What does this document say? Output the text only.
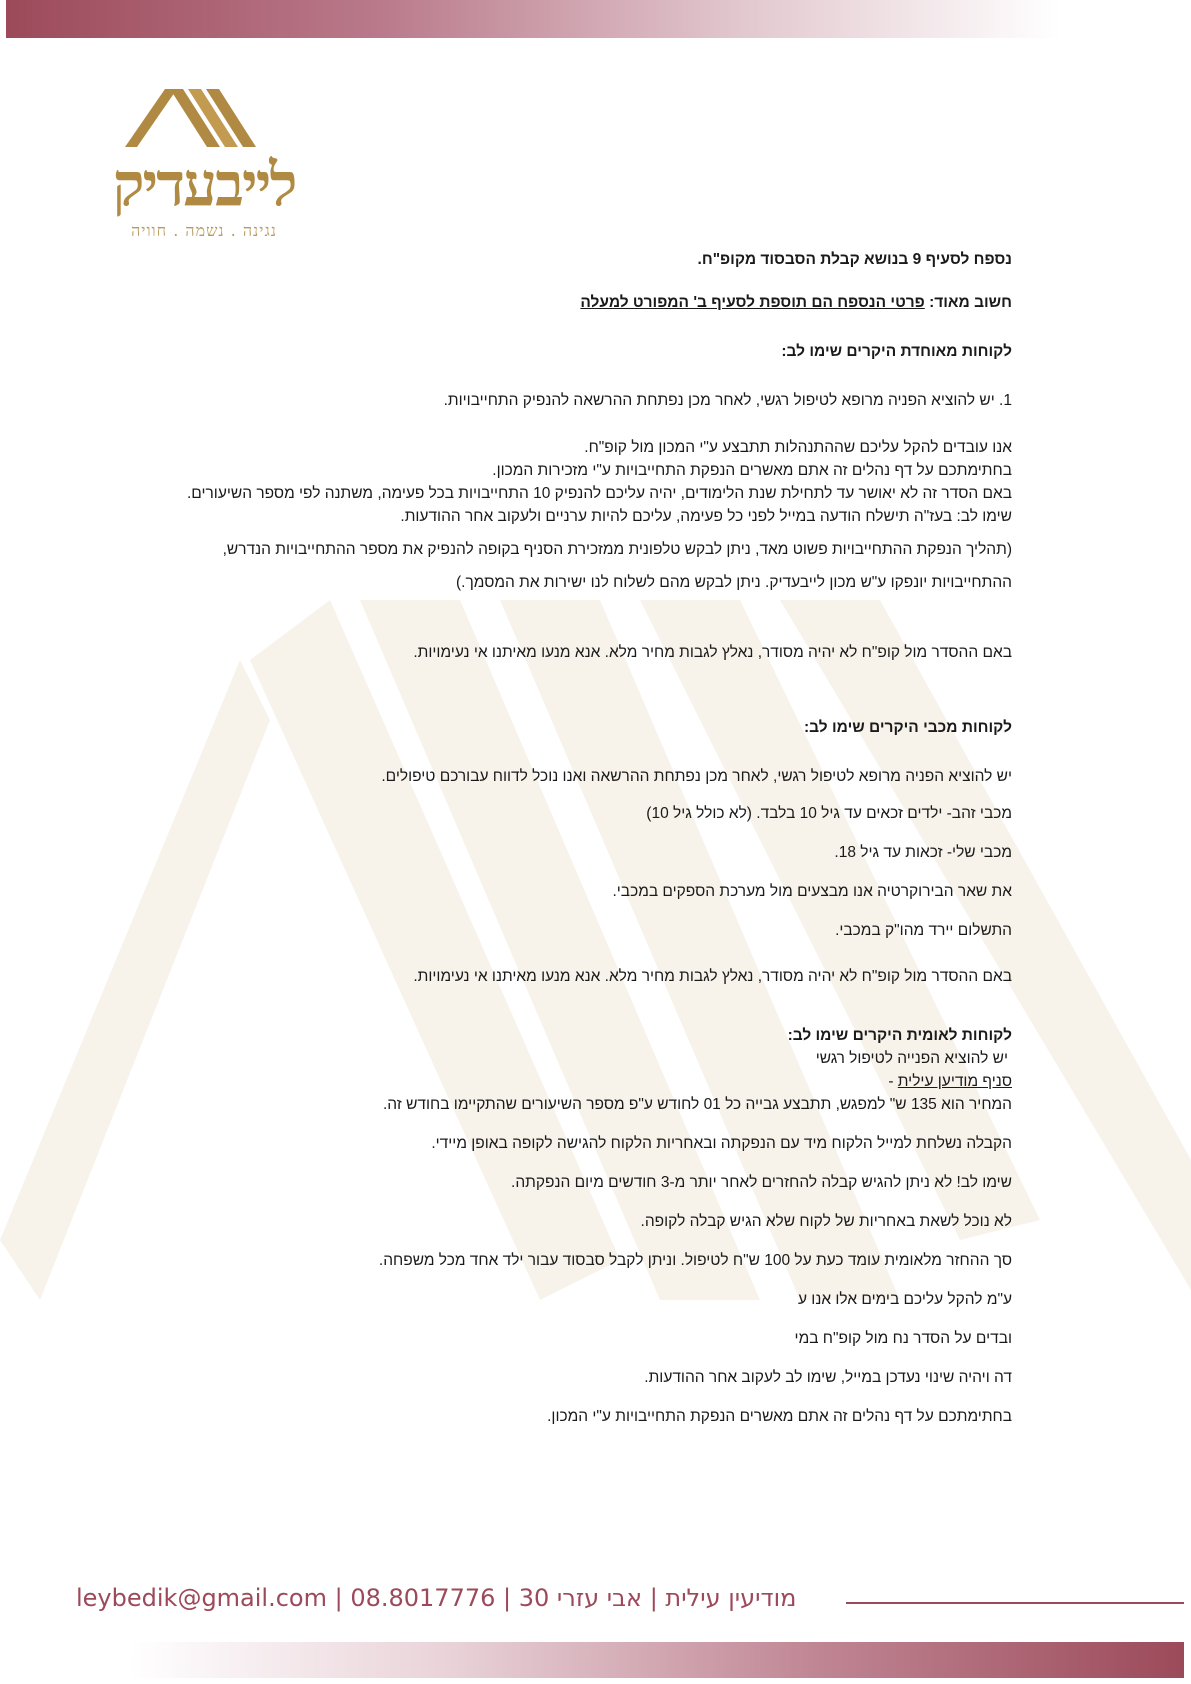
לייבעדיק
נגינה . נשמה . חוויה

נספח לסעיף 9 בנושא קבלת הסבסוד מקופ"ח.

חשוב מאוד: פרטי הנספח הם תוספת לסעיף ב' המפורט למעלה

לקוחות מאוחדת היקרים שימו לב:

1. יש להוציא הפניה מרופא לטיפול רגשי, לאחר מכן נפתחת ההרשאה להנפיק התחייבויות.

אנו עובדים להקל עליכם שההתנהלות תתבצע ע"י המכון מול קופ"ח.

בחתימתכם על דף נהלים זה אתם מאשרים הנפקת התחייבויות ע"י מזכירות המכון.

באם הסדר זה לא יאושר עד לתחילת שנת הלימודים, יהיה עליכם להנפיק 10 התחייבויות בכל פעימה, משתנה לפי מספר השיעורים.

שימו לב: בעז"ה תישלח הודעה במייל לפני כל פעימה, עליכם להיות ערניים ולעקוב אחר ההודעות.

(תהליך הנפקת ההתחייבויות פשוט מאד, ניתן לבקש טלפונית ממזכירת הסניף בקופה להנפיק את מספר ההתחייבויות הנדרש,

ההתחייבויות יונפקו ע"ש מכון לייבעדיק. ניתן לבקש מהם לשלוח לנו ישירות את המסמך.)

באם ההסדר מול קופ"ח לא יהיה מסודר, נאלץ לגבות מחיר מלא. אנא מנעו מאיתנו אי נעימויות.

לקוחות מכבי היקרים שימו לב:

יש להוציא הפניה מרופא לטיפול רגשי, לאחר מכן נפתחת ההרשאה ואנו נוכל לדווח עבורכם טיפולים.

מכבי זהב- ילדים זכאים עד גיל 10 בלבד. (לא כולל גיל 10)

מכבי שלי- זכאות עד גיל 18.

את שאר הבירוקרטיה אנו מבצעים מול מערכת הספקים במכבי.

התשלום יירד מהו"ק במכבי.

באם ההסדר מול קופ"ח לא יהיה מסודר, נאלץ לגבות מחיר מלא. אנא מנעו מאיתנו אי נעימויות.

לקוחות לאומית היקרים שימו לב:

יש להוציא הפנייה לטיפול רגשי

סניף מודיען עילית -

המחיר הוא 135 ש" למפגש, תתבצע גבייה כל 01 לחודש ע"פ מספר השיעורים שהתקיימו בחודש זה.

הקבלה נשלחת למייל הלקוח מיד עם הנפקתה ובאחריות הלקוח להגישה לקופה באופן מיידי.

שימו לב! לא ניתן להגיש קבלה להחזרים לאחר יותר מ-3 חודשים מיום הנפקתה.

לא נוכל לשאת באחריות של לקוח שלא הגיש קבלה לקופה.

סך ההחזר מלאומית עומד כעת על 100 ש"ח לטיפול. וניתן לקבל סבסוד עבור ילד אחד מכל משפחה.

ע"מ להקל עליכם בימים אלו אנו ע

ובדים על הסדר נח מול קופ"ח במי

דה ויהיה שינוי נעדכן במייל, שימו לב לעקוב אחר ההודעות.

בחתימתכם על דף נהלים זה אתם מאשרים הנפקת התחייבויות ע"י המכון.

leybedik@gmail.com | 08.8017776 | מודיעין עילית | אבי עזרי 30
